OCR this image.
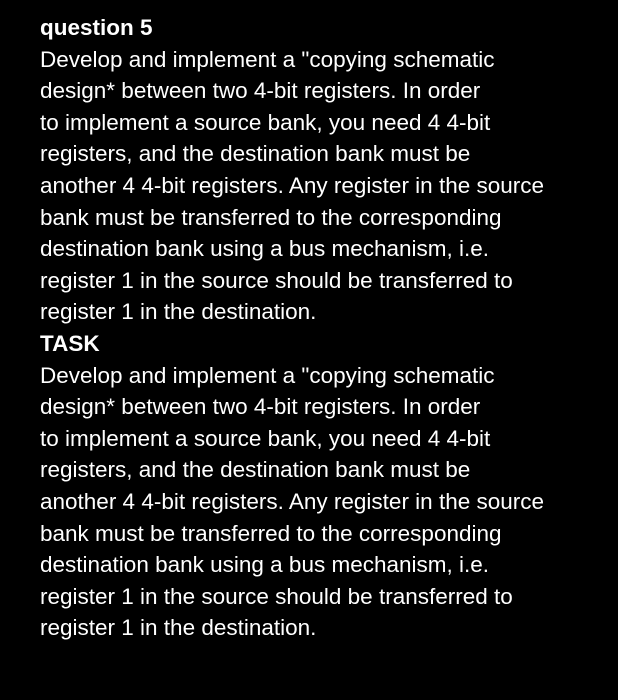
question 5
Develop and implement a "copying schematic
design* between two 4-bit registers. In order
to implement a source bank, you need 4 4-bit
registers, and the destination bank must be
another 4 4-bit registers. Any register in the source
bank must be transferred to the corresponding
destination bank using a bus mechanism, i.e.
register 1 in the source should be transferred to
register 1 in the destination.
TASK
Develop and implement a "copying schematic
design* between two 4-bit registers. In order
to implement a source bank, you need 4 4-bit
registers, and the destination bank must be
another 4 4-bit registers. Any register in the source
bank must be transferred to the corresponding
destination bank using a bus mechanism, i.e.
register 1 in the source should be transferred to
register 1 in the destination.
